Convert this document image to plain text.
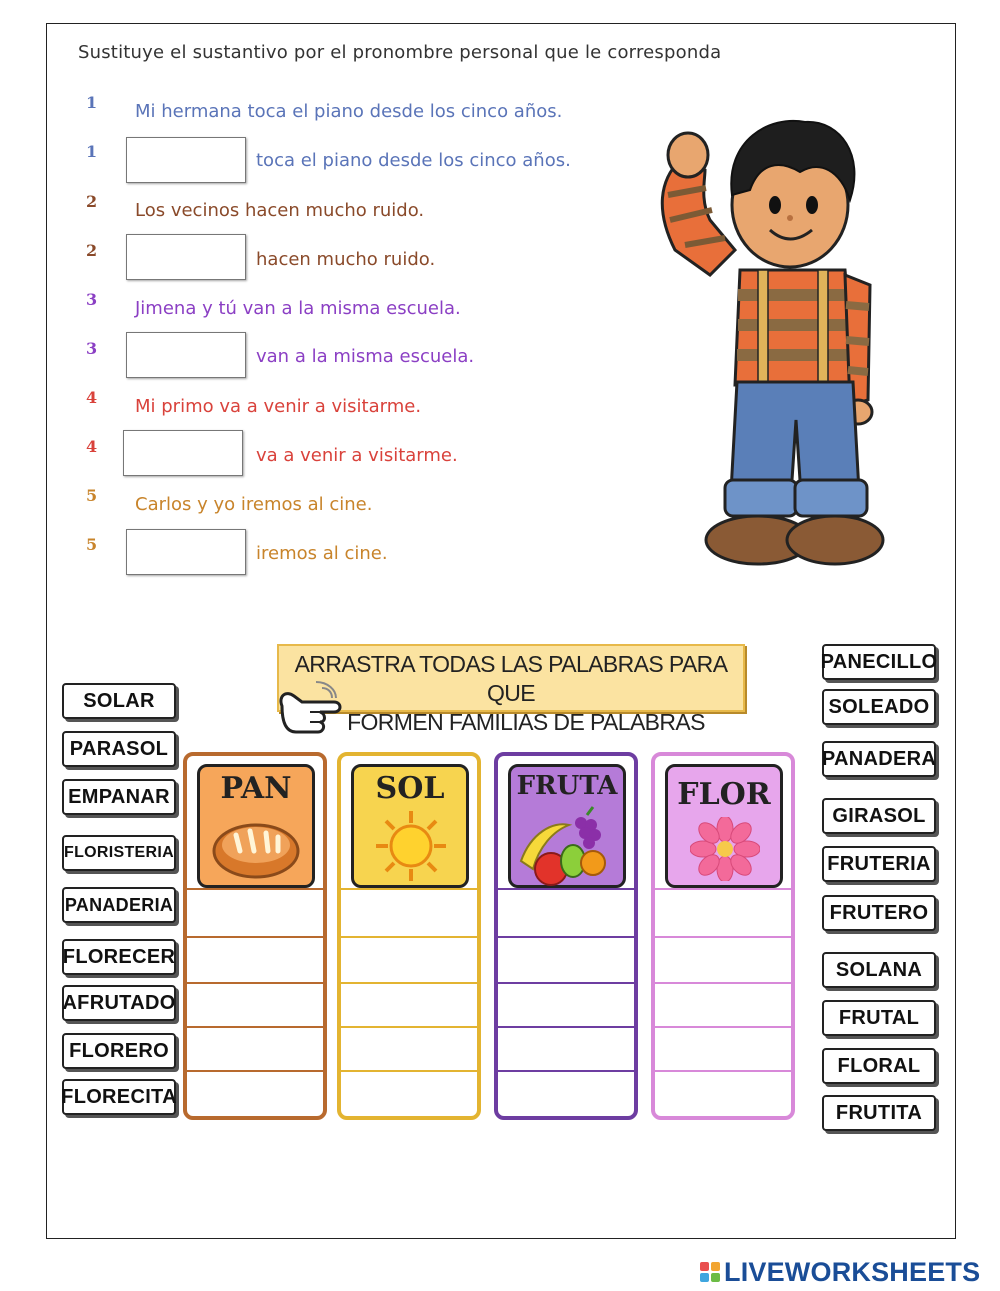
Sustituye el sustantivo por el pronombre personal que le corresponda
1 Mi hermana toca el piano desde los cinco años.
1	toca el piano desde los cinco años.
2 Los vecinos hacen mucho ruido.
2	hacen mucho ruido.
3 Jimena y tú van a la misma escuela.
3	van a la misma escuela.
4 Mi primo va a venir a visitarme.
4	va a venir a visitarme.
5 Carlos y yo iremos al cine.
5	iremos al cine.
ARRASTRA TODAS LAS PALABRAS PARA QUE
FORMEN FAMILIAS DE PALABRAS
SOLAR
PARASOL
EMPANAR
FLORISTERIA
PANADERIA
FLORECER
AFRUTADO
FLORERO
FLORECITA
PANECILLO
SOLEADO
PANADERA
GIRASOL
FRUTERIA
FRUTERO
SOLANA
FRUTAL
FLORAL
FRUTITA
PAN	SOL	FRUTA	FLOR
LIVEWORKSHEETS
